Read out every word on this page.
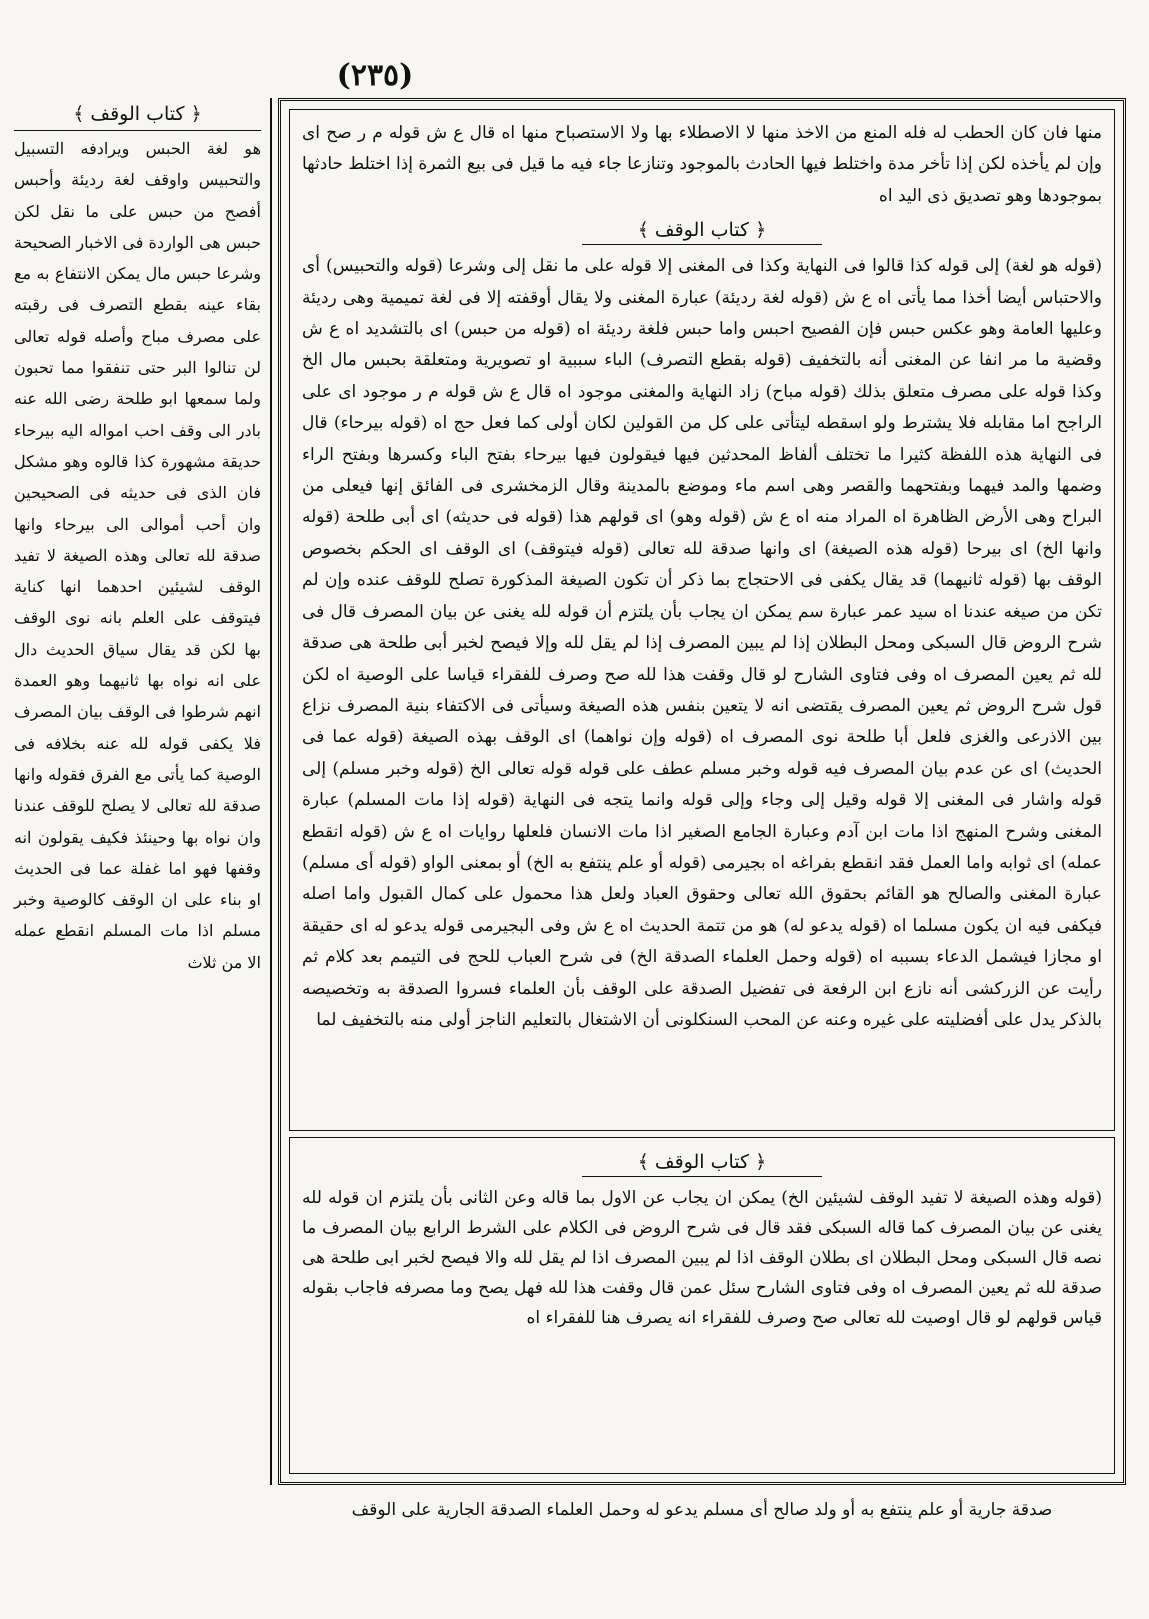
(٢٣٥)

﴿ كتاب الوقف ﴾

هو لغة الحبس ويرادفه التسبيل والتحبيس واوقف لغة رديئة وأحبس أفصح من حبس على ما نقل لكن حبس هى الواردة فى الاخبار الصحيحة وشرعا حبس مال يمكن الانتفاع به مع بقاء عينه بقطع التصرف فى رقبته على مصرف مباح وأصله قوله تعالى لن تنالوا البر حتى تنفقوا مما تحبون ولما سمعها ابو طلحة رضى الله عنه بادر الى وقف احب امواله اليه بيرحاء حديقة مشهورة كذا قالوه وهو مشكل فان الذى فى حديثه فى الصحيحين وان أحب أموالى الى بيرحاء وانها صدقة لله تعالى وهذه الصيغة لا تفيد الوقف لشيئين احدهما انها كناية فيتوقف على العلم بانه نوى الوقف بها لكن قد يقال سياق الحديث دال على انه نواه بها ثانيهما وهو العمدة انهم شرطوا فى الوقف بيان المصرف فلا يكفى قوله لله عنه بخلافه فى الوصية كما يأتى مع الفرق فقوله وانها صدقة لله تعالى لا يصلح للوقف عندنا وان نواه بها وحينئذ فكيف يقولون انه وقفها فهو اما غفلة عما فى الحديث او بناء على ان الوقف كالوصية وخبر مسلم اذا مات المسلم انقطع عمله الا من ثلاث

منها فان كان الحطب له فله المنع من الاخذ منها لا الاصطلاء بها ولا الاستصباح منها اه قال ع ش قوله م ر صح اى وإن لم يأخذه لكن إذا تأخر مدة واختلط فيها الحادث بالموجود وتنازعا جاء فيه ما قيل فى بيع الثمرة إذا اختلط حادثها بموجودها وهو تصديق ذى اليد اه

﴿ كتاب الوقف ﴾

(قوله هو لغة) إلى قوله كذا قالوا فى النهاية وكذا فى المغنى إلا قوله على ما نقل إلى وشرعا (قوله والتحبيس) أى والاحتباس أيضا أخذا مما يأتى اه ع ش (قوله لغة رديئة) عبارة المغنى ولا يقال أوقفته إلا فى لغة تميمية وهى رديئة وعليها العامة وهو عكس حبس فإن الفصيح احبس واما حبس فلغة رديئة اه (قوله من حبس) اى بالتشديد اه ع ش وقضية ما مر انفا عن المغنى أنه بالتخفيف (قوله بقطع التصرف) الباء سببية او تصويرية ومتعلقة بحبس مال الخ وكذا قوله على مصرف متعلق بذلك (قوله مباح) زاد النهاية والمغنى موجود اه قال ع ش قوله م ر موجود اى على الراجح اما مقابله فلا يشترط ولو اسقطه ليتأتى على كل من القولين لكان أولى كما فعل حج اه (قوله بيرحاء) قال فى النهاية هذه اللفظة كثيرا ما تختلف ألفاظ المحدثين فيها فيقولون فيها بيرحاء بفتح الباء وكسرها وبفتح الراء وضمها والمد فيهما وبفتحهما والقصر وهى اسم ماء وموضع بالمدينة وقال الزمخشرى فى الفائق إنها فيعلى من البراح وهى الأرض الظاهرة اه المراد منه اه ع ش (قوله وهو) اى قولهم هذا (قوله فى حديثه) اى أبى طلحة (قوله وانها الخ) اى بيرحا (قوله هذه الصيغة) اى وانها صدقة لله تعالى (قوله فيتوقف) اى الوقف اى الحكم بخصوص الوقف بها (قوله ثانيهما) قد يقال يكفى فى الاحتجاج بما ذكر أن تكون الصيغة المذكورة تصلح للوقف عنده وإن لم تكن من صيغه عندنا اه سيد عمر عبارة سم يمكن ان يجاب بأن يلتزم أن قوله لله يغنى عن بيان المصرف قال فى شرح الروض قال السبكى ومحل البطلان إذا لم يبين المصرف إذا لم يقل لله وإلا فيصح لخبر أبى طلحة هى صدقة لله ثم يعين المصرف اه وفى فتاوى الشارح لو قال وقفت هذا لله صح وصرف للفقراء قياسا على الوصية اه لكن قول شرح الروض ثم يعين المصرف يقتضى انه لا يتعين بنفس هذه الصيغة وسيأتى فى الاكتفاء بنية المصرف نزاع بين الاذرعى والغزى فلعل أبا طلحة نوى المصرف اه (قوله وإن نواهما) اى الوقف بهذه الصيغة (قوله عما فى الحديث) اى عن عدم بيان المصرف فيه قوله وخبر مسلم عطف على قوله قوله تعالى الخ (قوله وخبر مسلم) إلى قوله واشار فى المغنى إلا قوله وقيل إلى وجاء وإلى قوله وانما يتجه فى النهاية (قوله إذا مات المسلم) عبارة المغنى وشرح المنهج اذا مات ابن آدم وعبارة الجامع الصغير اذا مات الانسان فلعلها روايات اه ع ش (قوله انقطع عمله) اى ثوابه واما العمل فقد انقطع بفراغه اه بجيرمى (قوله أو علم ينتفع به الخ) أو بمعنى الواو (قوله أى مسلم) عبارة المغنى والصالح هو القائم بحقوق الله تعالى وحقوق العباد ولعل هذا محمول على كمال القبول واما اصله فيكفى فيه ان يكون مسلما اه (قوله يدعو له) هو من تتمة الحديث اه ع ش وفى البجيرمى قوله يدعو له اى حقيقة او مجازا فيشمل الدعاء بسببه اه (قوله وحمل العلماء الصدقة الخ) فى شرح العباب للحج فى التيمم بعد كلام ثم رأيت عن الزركشى أنه نازع ابن الرفعة فى تفضيل الصدقة على الوقف بأن العلماء فسروا الصدقة به وتخصيصه بالذكر يدل على أفضليته على غيره وعنه عن المحب السنكلونى أن الاشتغال بالتعليم الناجز أولى منه بالتخفيف لما

﴿ كتاب الوقف ﴾

(قوله وهذه الصيغة لا تفيد الوقف لشيئين الخ) يمكن ان يجاب عن الاول بما قاله وعن الثانى بأن يلتزم ان قوله لله يغنى عن بيان المصرف كما قاله السبكى فقد قال فى شرح الروض فى الكلام على الشرط الرابع بيان المصرف ما نصه قال السبكى ومحل البطلان اى بطلان الوقف اذا لم يبين المصرف اذا لم يقل لله والا فيصح لخبر ابى طلحة هى صدقة لله ثم يعين المصرف اه وفى فتاوى الشارح سئل عمن قال وقفت هذا لله فهل يصح وما مصرفه فاجاب بقوله قياس قولهم لو قال اوصيت لله تعالى صح وصرف للفقراء انه يصرف هنا للفقراء اه

صدقة جارية أو علم ينتفع به أو ولد صالح أى مسلم يدعو له وحمل العلماء الصدقة الجارية على الوقف
